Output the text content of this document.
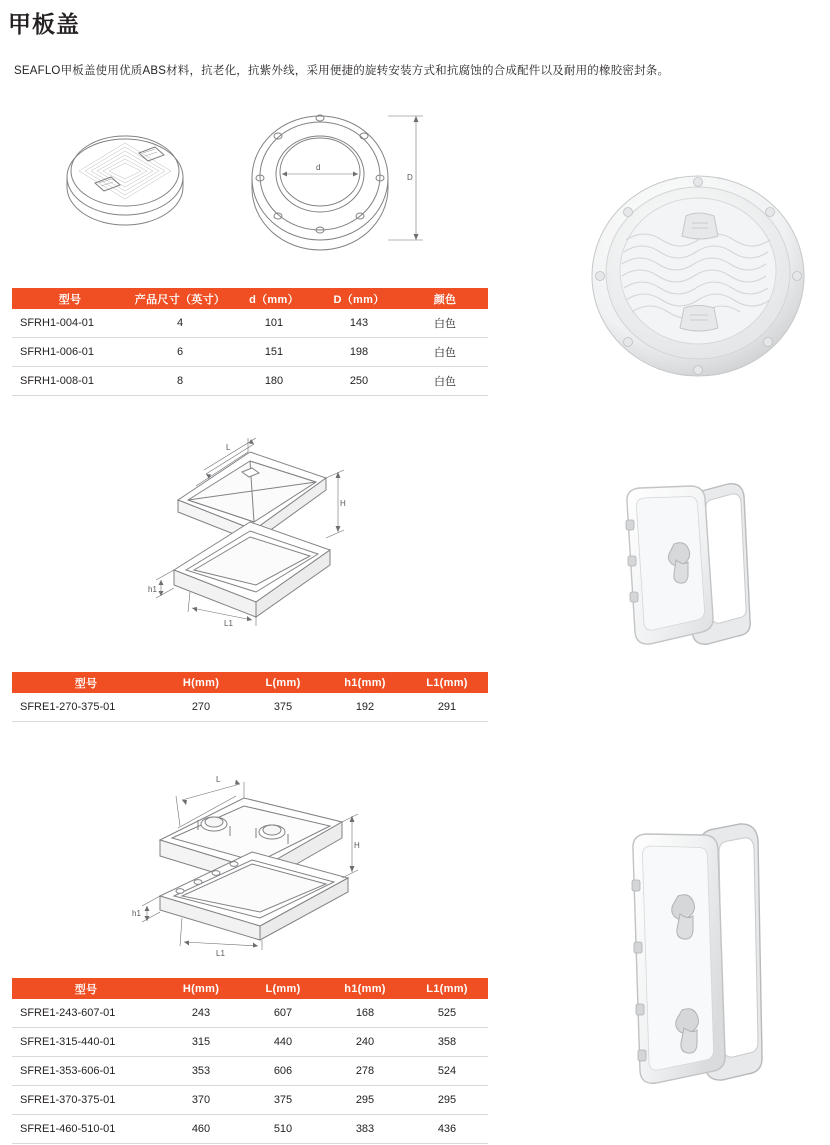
甲板盖
SEAFLO甲板盖使用优质ABS材料，抗老化，抗紫外线，采用便捷的旋转安装方式和抗腐蚀的合成配件以及耐用的橡胶密封条。
d
D
型号	产品尺寸（英寸）	d（mm）	D（mm）	颜色
SFRH1-004-01	4	101	143	白色
SFRH1-006-01	6	151	198	白色
SFRH1-008-01	8	180	250	白色
L
H
h1
L1
型号	H(mm)	L(mm)	h1(mm)	L1(mm)
SFRE1-270-375-01	270	375	192	291
L
H
h1
L1
型号	H(mm)	L(mm)	h1(mm)	L1(mm)
SFRE1-243-607-01	243	607	168	525
SFRE1-315-440-01	315	440	240	358
SFRE1-353-606-01	353	606	278	524
SFRE1-370-375-01	370	375	295	295
SFRE1-460-510-01	460	510	383	436
